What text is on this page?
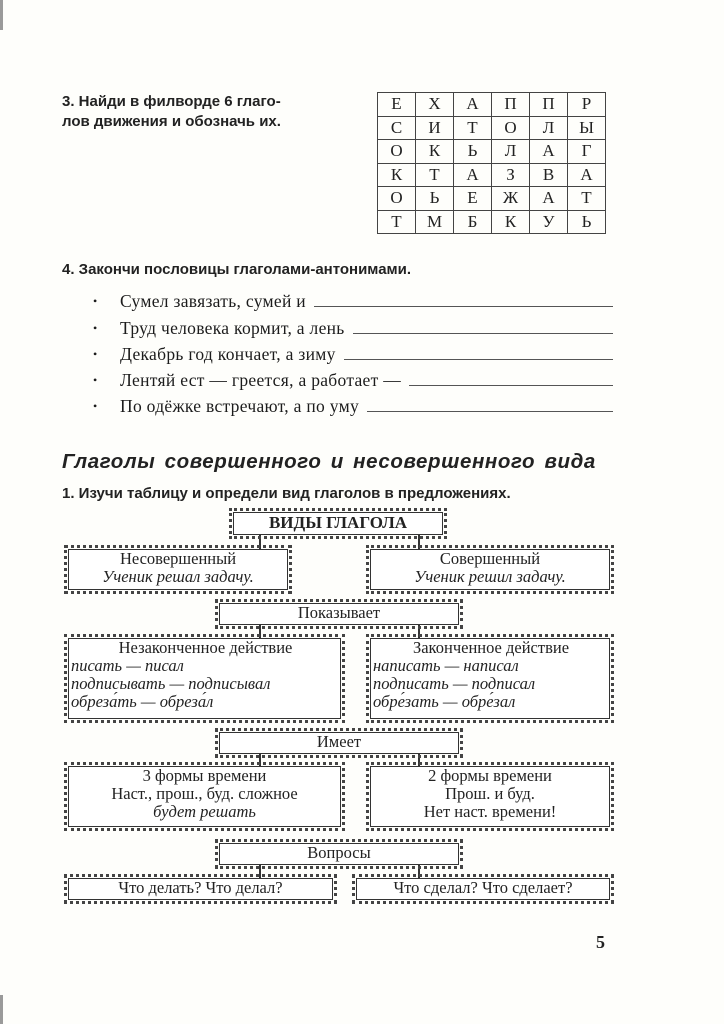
3. Найди в филворде 6 глаго-
лов движения и обозначь их.
Е	Х	А	П	П	Р
С	И	Т	О	Л	Ы
О	К	Ь	Л	А	Г
К	Т	А	З	В	А
О	Ь	Е	Ж	А	Т
Т	М	Б	К	У	Ь
4. Закончи пословицы глаголами-антонимами.
•	Сумел завязать, сумей и
•	Труд человека кормит, а лень
•	Декабрь год кончает, а зиму
•	Лентяй ест — греется, а работает —
•	По одёжке встречают, а по уму
Глаголы совершенного и несовершенного вида
1. Изучи таблицу и определи вид глаголов в предложениях.
ВИДЫ ГЛАГОЛА
Несовершенный
Ученик решал задачу.
Совершенный
Ученик решил задачу.
Показывает
Незаконченное действие
писать — писал
подписывать — подписывал
обреза́ть — обреза́л
Законченное действие
написать — написал
подписать — подписал
обре́зать — обре́зал
Имеет
3 формы времени
Наст., прош., буд. сложное
будет решать
2 формы времени
Прош. и буд.
Нет наст. времени!
Вопросы
Что делать? Что делал?	Что сделал? Что сделает?
5
